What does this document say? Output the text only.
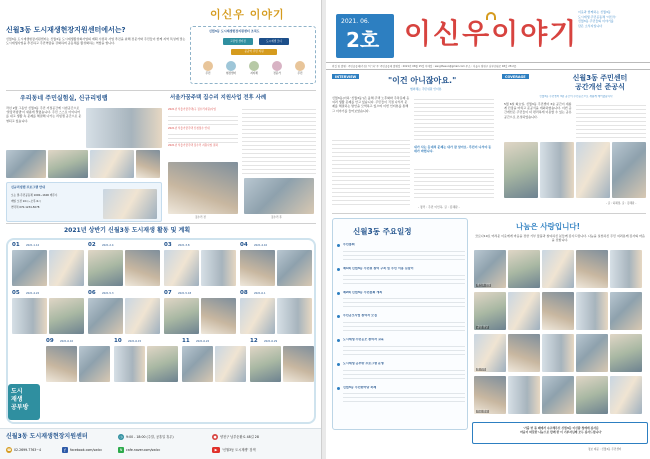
이신우 이야기
신월3동 도시재생현장지원센터에서는?
신월3동 도시재생현장지원센터는 신월3동 도시재생활성화사업의 계획 수립과 사업 추진을 위해 전문가와 주민들이 함께 지역 특성에 맞는 도시재생사업을 추진하고 주민역량을 강화하며 공동체를 활성화하는 역할을 합니다.
신월3동 도시재생현장지원센터 조직도
고관법 센터장	도시재생 코디
공공역 주민 지원
주민	현장센터	지자체	전문가	주민
우리동네 주민실험실, 신규리빙랩
작년 2월 그동안 신월3동 주민 거점공간에 시범공간으로 '말랑리빙랩'이 새롭게 열렸습니다. 주민 스스로 아이디어를 내고 생활 속 문제를 해결해 나가는 리빙랩 공간으로 운영되고 있습니다.
신규리빙랩 프로그램 안내
오는 말-주민공동체 1000~1600 매주수
매일 오전 10시~오후 6시
연락처 070-1234-5678
서울가꿈주택 집수리 지원사업 전후 사례
2021년 서울가꿈주택(구 집수리지원)사업
2021년 서울가꿈주택 신청접수 안내
2021년 서울가꿈주택 집수리 지원사업 결과
집수리 전	집수리 후
2021년 상반기 신월3동 도시재생 활동 및 계획
도시
재생
공부방
신월3동 도시재생현장지원센터
☎ 02.2699.7763~4	f	facebook.com/swlcc
◷	9:00 - 18:00 (주말, 공휴일 휴무)
N	cafe.naver.com/swlcc
●	양천구 남부순환로 48길 28
▶	'신월3동 도시재생' 검색
01 2021.1.12	02 2021.2.4	03 2021.3.8	04 2021.4.10
05 2021.4.22	06 2021.5.3	07 2021.5.18	08 2021.6.1
09 2021.6.10	10 2021.6.15	11 2021.6.22	12 2021.6.29
2021. 06.
2호 이신우이야기
이웃과 함께하는 신월3동
도시재생 주민공동체 '이신우'
신월3동 주민들의 이야기를
담은 소식지입니다
편집 및 발행 : 주민공동체(가칭) '이' 와 '우' 주민공동체 발행일 : 2021년 06월 15일 이메일 : sangthesun@gmail.com 주소 : 서울시 양천구 남부순환로 48길 28 2층
INTERVIEW	"이건 아니잖아요."
협의체는 주민위원 인터뷰
신월3동(이하 '신월3동')은 올해 주택 노후화와 주차문제 등 여러 생활 문제를 안고 있습니다. 주민들이 직접 나서서 문제를 해결하는 방안을 모색하고 있으며 이번 인터뷰를 통해 그 이야기를 들어보았습니다.
내가 사는 동네의 문제는 내가 잘 알아요. 주민이 나서야 동네가 바뀝니다.
- 정리 : 주민 이인옥, 글 : 김혜란 -
COVERAGE	신월3동 주민센터
공간개선 준공식
신월3동 주민센터 3층 공간이 주민공간으로 새롭게 태어났습니다
5월 6일 화요일, 신월3동 주민센터 3층 공간이 새롭게 단장을 마치고 준공식을 개최하였습니다. 이번 공간개선은 주민들이 더 편리하게 이용할 수 있는 공유공간으로 조성되었습니다.
- 글 : 하혜정, 글 : 김혜란 -
신월3동 주요일정
주민총회
제1회 신월3동 주민원 참여 구축 및 주민 이용 길잡이
제2회 신월3동 주민총회 개최
주민공모사업 참여자 모집
도시재생 주민공모 참여자 교육
도시재생 공부방 프로그램 운영
신월3동 주민한마당 축제
나눔은 사랑입니다!
코로나19로 어려운 이웃에게 마음을 전한 기부 물품과 참여하신 분들께 감사드립니다. 나눔을 실천하신 주민 여러분께 감사의 마음을 전합니다.
'가뭄 번 돌 폐에서 수고해주신 신월3동 이신쯤 청에게 감사를
마음이 따뜻한 나눔으로 함께 한 이 기부자님께 모두 감사드립니다'
정보 제공 : 신월3동 주민센터
마스크 전달
곰탕 전달
쌀 기부
이웃 방문
